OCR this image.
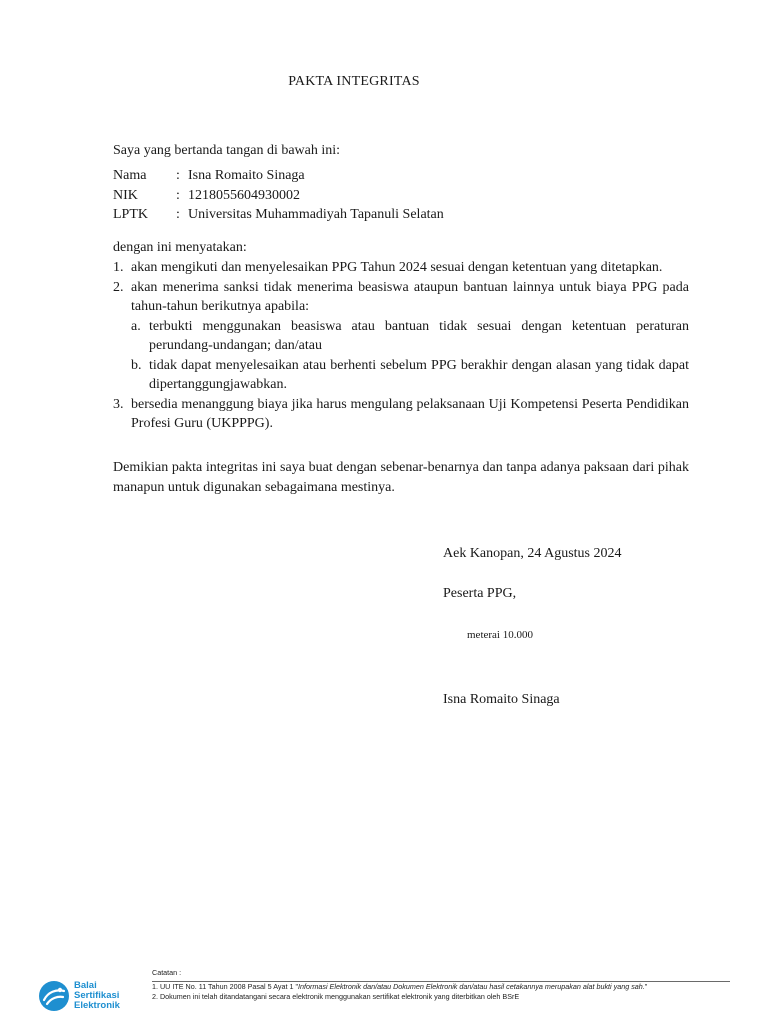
PAKTA INTEGRITAS
Saya yang bertanda tangan di bawah ini:
Nama	: Isna Romaito Sinaga
NIK	: 1218055604930002
LPTK	: Universitas Muhammadiyah Tapanuli Selatan
dengan ini menyatakan:
1. akan mengikuti dan menyelesaikan PPG Tahun 2024 sesuai dengan ketentuan yang ditetapkan.
2. akan menerima sanksi tidak menerima beasiswa ataupun bantuan lainnya untuk biaya PPG pada tahun-tahun berikutnya apabila:
a. terbukti menggunakan beasiswa atau bantuan tidak sesuai dengan ketentuan peraturan perundang-undangan; dan/atau
b. tidak dapat menyelesaikan atau berhenti sebelum PPG berakhir dengan alasan yang tidak dapat dipertanggungjawabkan.
3. bersedia menanggung biaya jika harus mengulang pelaksanaan Uji Kompetensi Peserta Pendidikan Profesi Guru (UKPPPG).
Demikian pakta integritas ini saya buat dengan sebenar-benarnya dan tanpa adanya paksaan dari pihak manapun untuk digunakan sebagaimana mestinya.
Aek Kanopan, 24 Agustus 2024
Peserta PPG,
meterai 10.000
Isna Romaito Sinaga
Balai
Sertifikasi
Elektronik
Catatan :
1. UU ITE No. 11 Tahun 2008 Pasal 5 Ayat 1 "Informasi Elektronik dan/atau Dokumen Elektronik dan/atau hasil cetakannya merupakan alat bukti yang sah."
2. Dokumen ini telah ditandatangani secara elektronik menggunakan sertifikat elektronik yang diterbitkan oleh BSrE
